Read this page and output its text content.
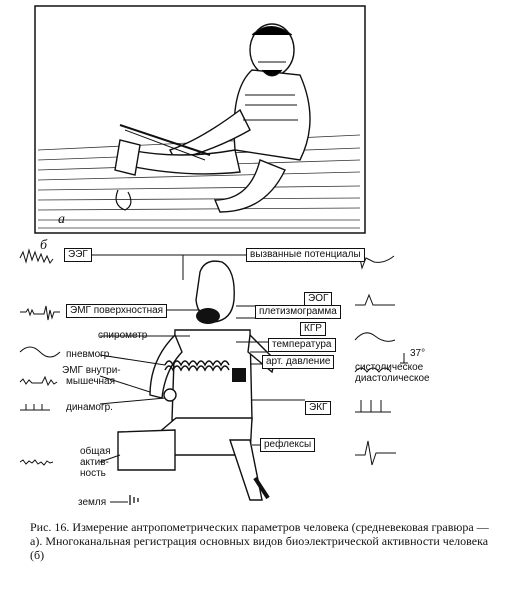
а
б
ЭЭГ	вызванные потенциалы
ЭМГ поверхностная
ЭОГ
плетизмограмма
КГР
температура
арт. давление
ЭКГ
рефлексы
спирометр
пневмогр.
ЭМГ внутри-
мышечная
динамогр.
общая
актив-
ность
земля
37°
систолическое
диастолическое
Рис. 16. Измерение антропометрических параметров человека (средневековая гравюра — а). Многоканальная регистрация основных видов биоэлектрической активности человека (б)
